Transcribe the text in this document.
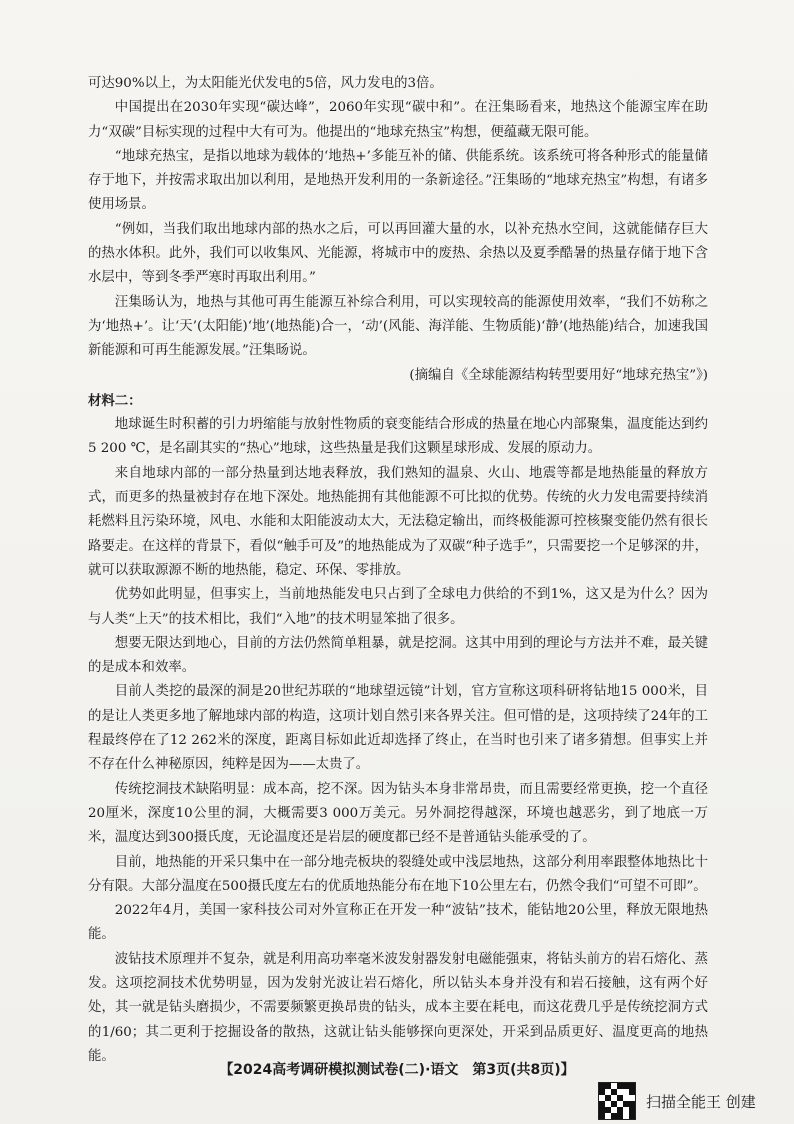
可达90%以上，为太阳能光伏发电的5倍，风力发电的3倍。

中国提出在2030年实现“碳达峰”，2060年实现“碳中和”。在汪集旸看来，地热这个能源宝库在助力“双碳”目标实现的过程中大有可为。他提出的“地球充热宝”构想，便蕴藏无限可能。

“地球充热宝，是指以地球为载体的‘地热+’多能互补的储、供能系统。该系统可将各种形式的能量储存于地下，并按需求取出加以利用，是地热开发利用的一条新途径。”汪集旸的“地球充热宝”构想，有诸多使用场景。

“例如，当我们取出地球内部的热水之后，可以再回灌大量的水，以补充热水空间，这就能储存巨大的热水体积。此外，我们可以收集风、光能源，将城市中的废热、余热以及夏季酷暑的热量存储于地下含水层中，等到冬季严寒时再取出利用。”

汪集旸认为，地热与其他可再生能源互补综合利用，可以实现较高的能源使用效率，“我们不妨称之为‘地热+’。让‘天’(太阳能)‘地’(地热能)合一，‘动’(风能、海洋能、生物质能)‘静’(地热能)结合，加速我国新能源和可再生能源发展。”汪集旸说。

(摘编自《全球能源结构转型要用好“地球充热宝”》)

材料二：

地球诞生时积蓄的引力坍缩能与放射性物质的衰变能结合形成的热量在地心内部聚集，温度能达到约5 200 ℃，是名副其实的“热心”地球，这些热量是我们这颗星球形成、发展的原动力。

来自地球内部的一部分热量到达地表释放，我们熟知的温泉、火山、地震等都是地热能量的释放方式，而更多的热量被封存在地下深处。地热能拥有其他能源不可比拟的优势。传统的火力发电需要持续消耗燃料且污染环境，风电、水能和太阳能波动太大，无法稳定输出，而终极能源可控核聚变能仍然有很长路要走。在这样的背景下，看似“触手可及”的地热能成为了双碳“种子选手”，只需要挖一个足够深的井，就可以获取源源不断的地热能，稳定、环保、零排放。

优势如此明显，但事实上，当前地热能发电只占到了全球电力供给的不到1%，这又是为什么？因为与人类“上天”的技术相比，我们“入地”的技术明显笨拙了很多。

想要无限达到地心，目前的方法仍然简单粗暴，就是挖洞。这其中用到的理论与方法并不难，最关键的是成本和效率。

目前人类挖的最深的洞是20世纪苏联的“地球望远镜”计划，官方宣称这项科研将钻地15 000米，目的是让人类更多地了解地球内部的构造，这项计划自然引来各界关注。但可惜的是，这项持续了24年的工程最终停在了12 262米的深度，距离目标如此近却选择了终止，在当时也引来了诸多猜想。但事实上并不存在什么神秘原因，纯粹是因为——太贵了。

传统挖洞技术缺陷明显：成本高，挖不深。因为钻头本身非常昂贵，而且需要经常更换，挖一个直径20厘米，深度10公里的洞，大概需要3 000万美元。另外洞挖得越深，环境也越恶劣，到了地底一万米，温度达到300摄氏度，无论温度还是岩层的硬度都已经不是普通钻头能承受的了。

目前，地热能的开采只集中在一部分地壳板块的裂缝处或中浅层地热，这部分利用率跟整体地热比十分有限。大部分温度在500摄氏度左右的优质地热能分布在地下10公里左右，仍然令我们“可望不可即”。

2022年4月，美国一家科技公司对外宣称正在开发一种“波钻”技术，能钻地20公里，释放无限地热能。

波钻技术原理并不复杂，就是利用高功率毫米波发射器发射电磁能强束，将钻头前方的岩石熔化、蒸发。这项挖洞技术优势明显，因为发射光波让岩石熔化，所以钻头本身并没有和岩石接触，这有两个好处，其一就是钻头磨损少，不需要频繁更换昂贵的钻头，成本主要在耗电，而这花费几乎是传统挖洞方式的1/60；其二更利于挖掘设备的散热，这就让钻头能够探向更深处，开采到品质更好、温度更高的地热能。

【2024高考调研模拟测试卷(二)·语文　第3页(共8页)】
扫描全能王 创建
